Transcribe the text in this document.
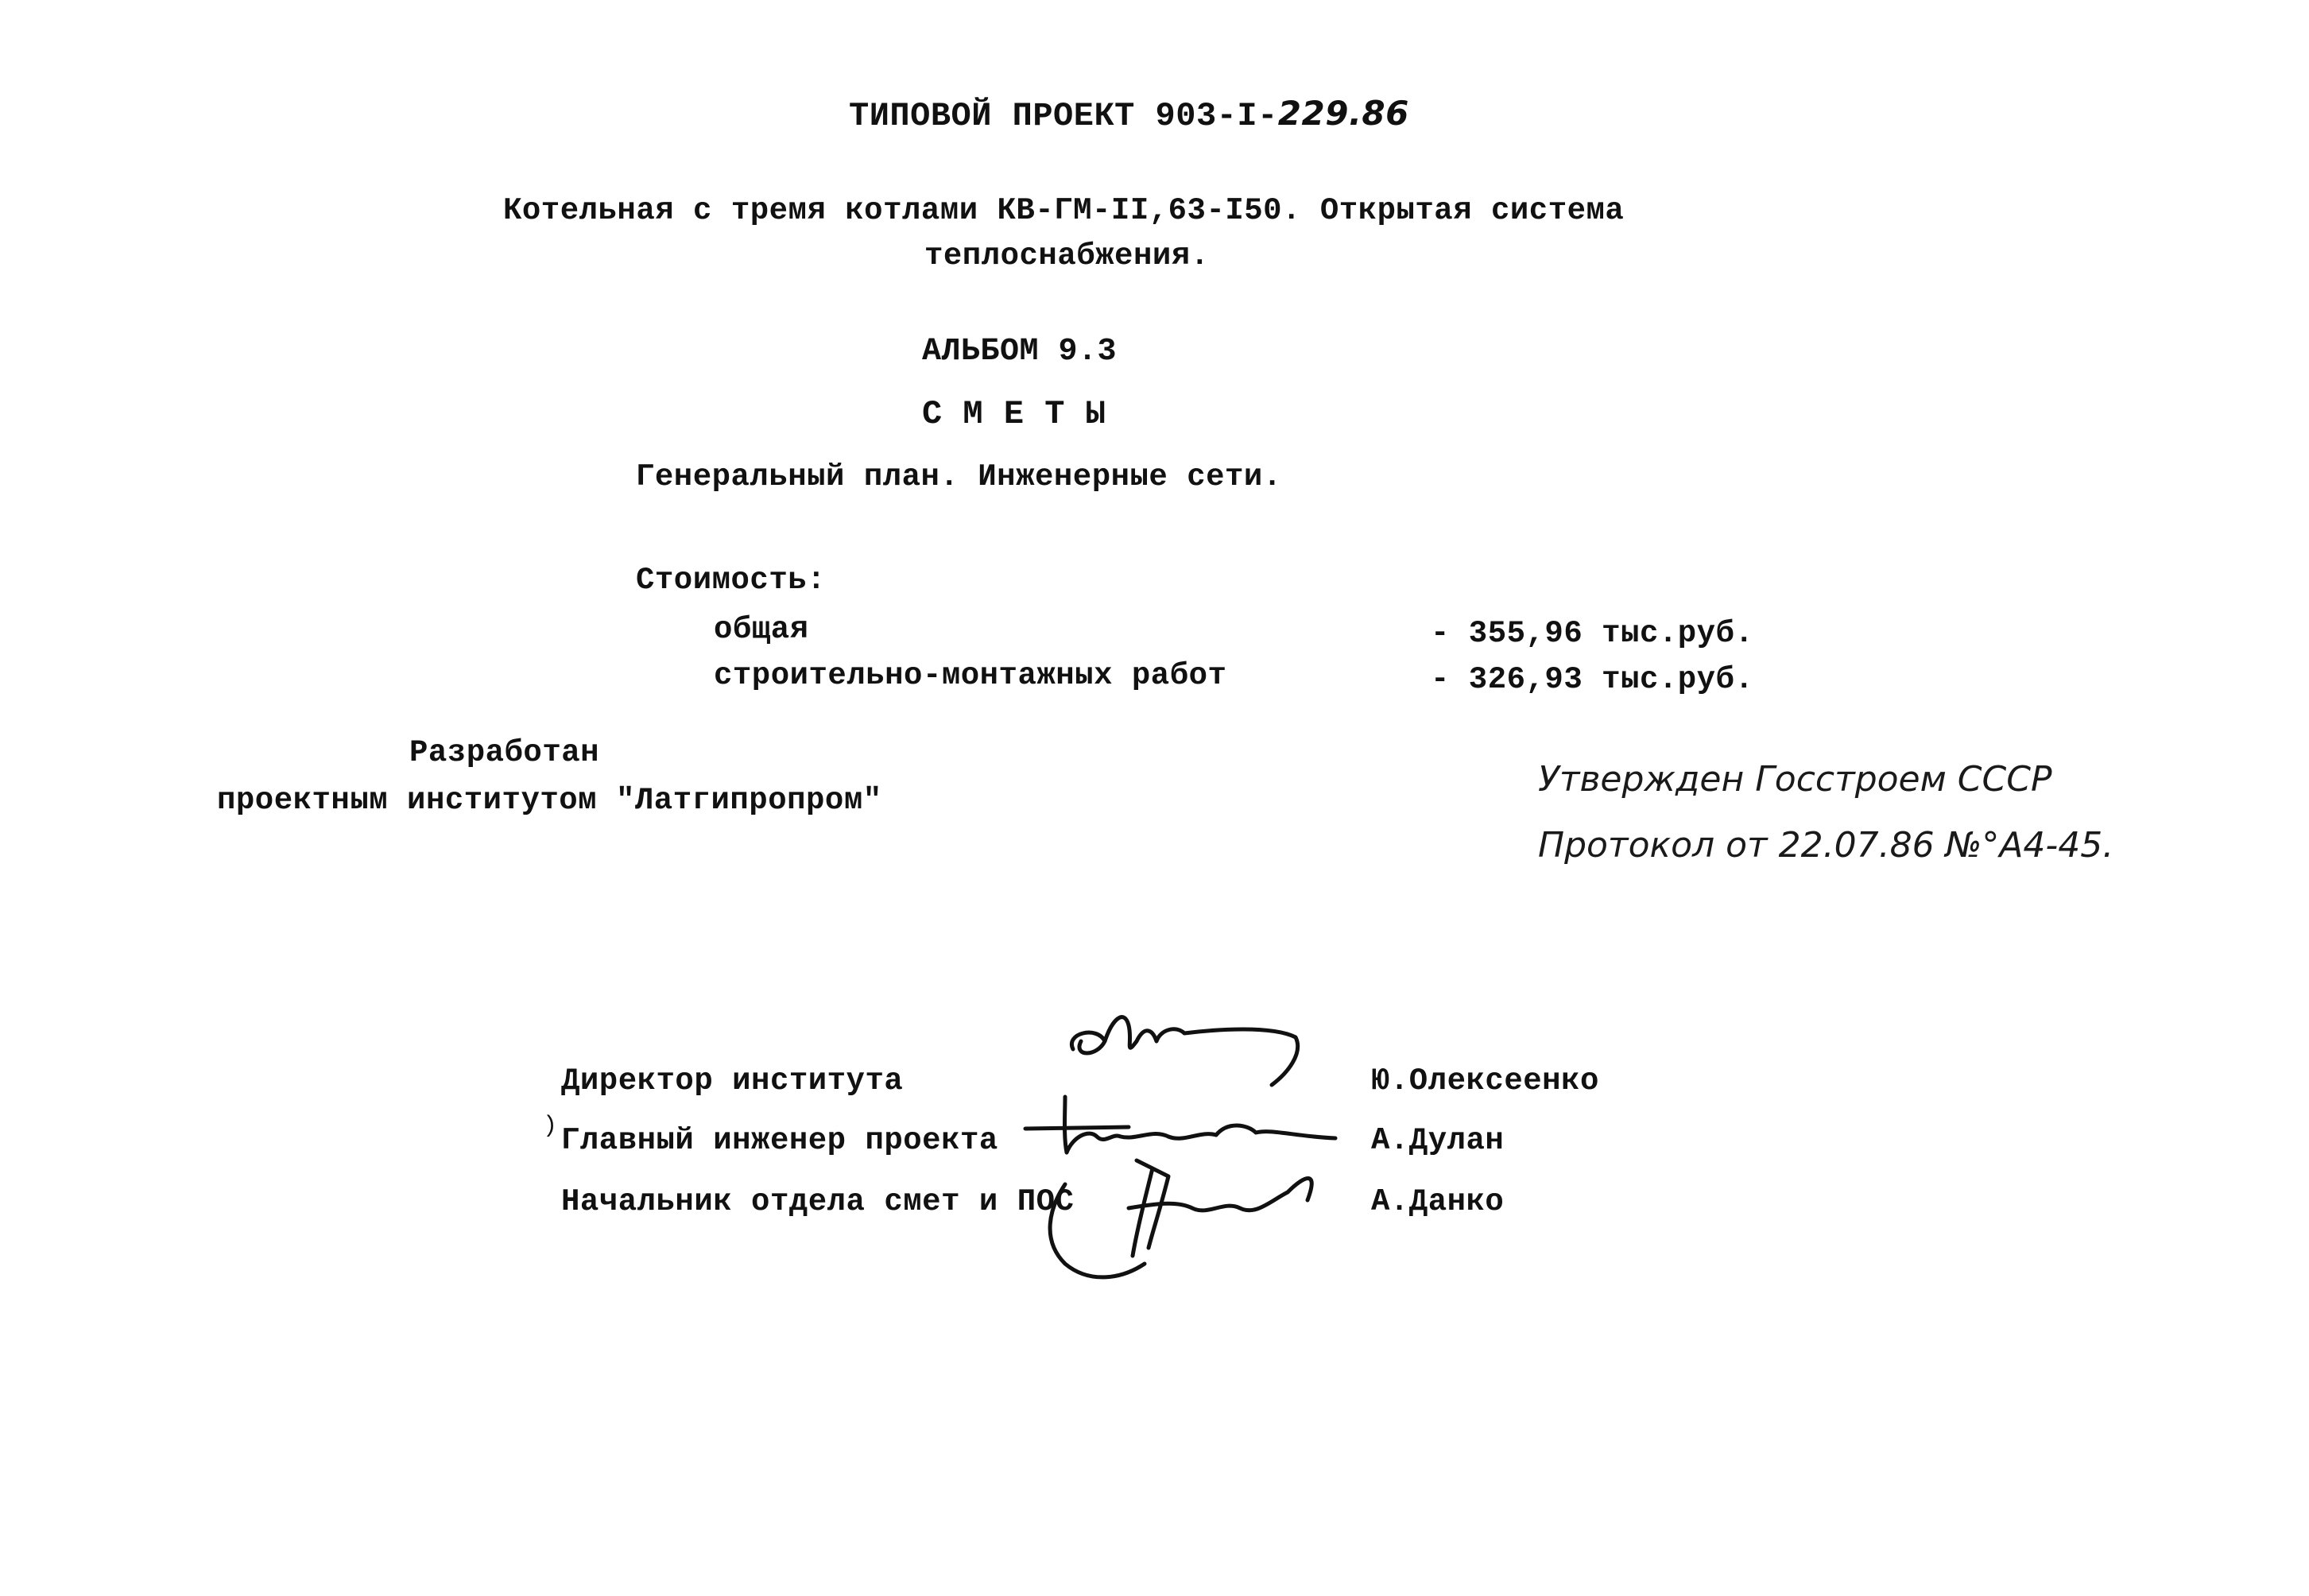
ТИПОВОЙ ПРОЕКТ 903-I-229.86
Котельная с тремя котлами КВ-ГМ-II,63-I50. Открытая система
теплоснабжения.
АЛЬБОМ 9.3
С М Е Т Ы
Генеральный план. Инженерные сети.
Стоимость:
общая	- 355,96 тыс.руб.
строительно-монтажных работ	- 326,93 тыс.руб.
Разработан
проектным институтом "Латгипропром"
Утвержден Госстроем СССР
Протокол от 22.07.86 №°А4-45.
Директор института	Ю.Олексеенко
Главный инженер проекта	А.Дулан
Начальник отдела смет и ПОС	А.Данко
)
